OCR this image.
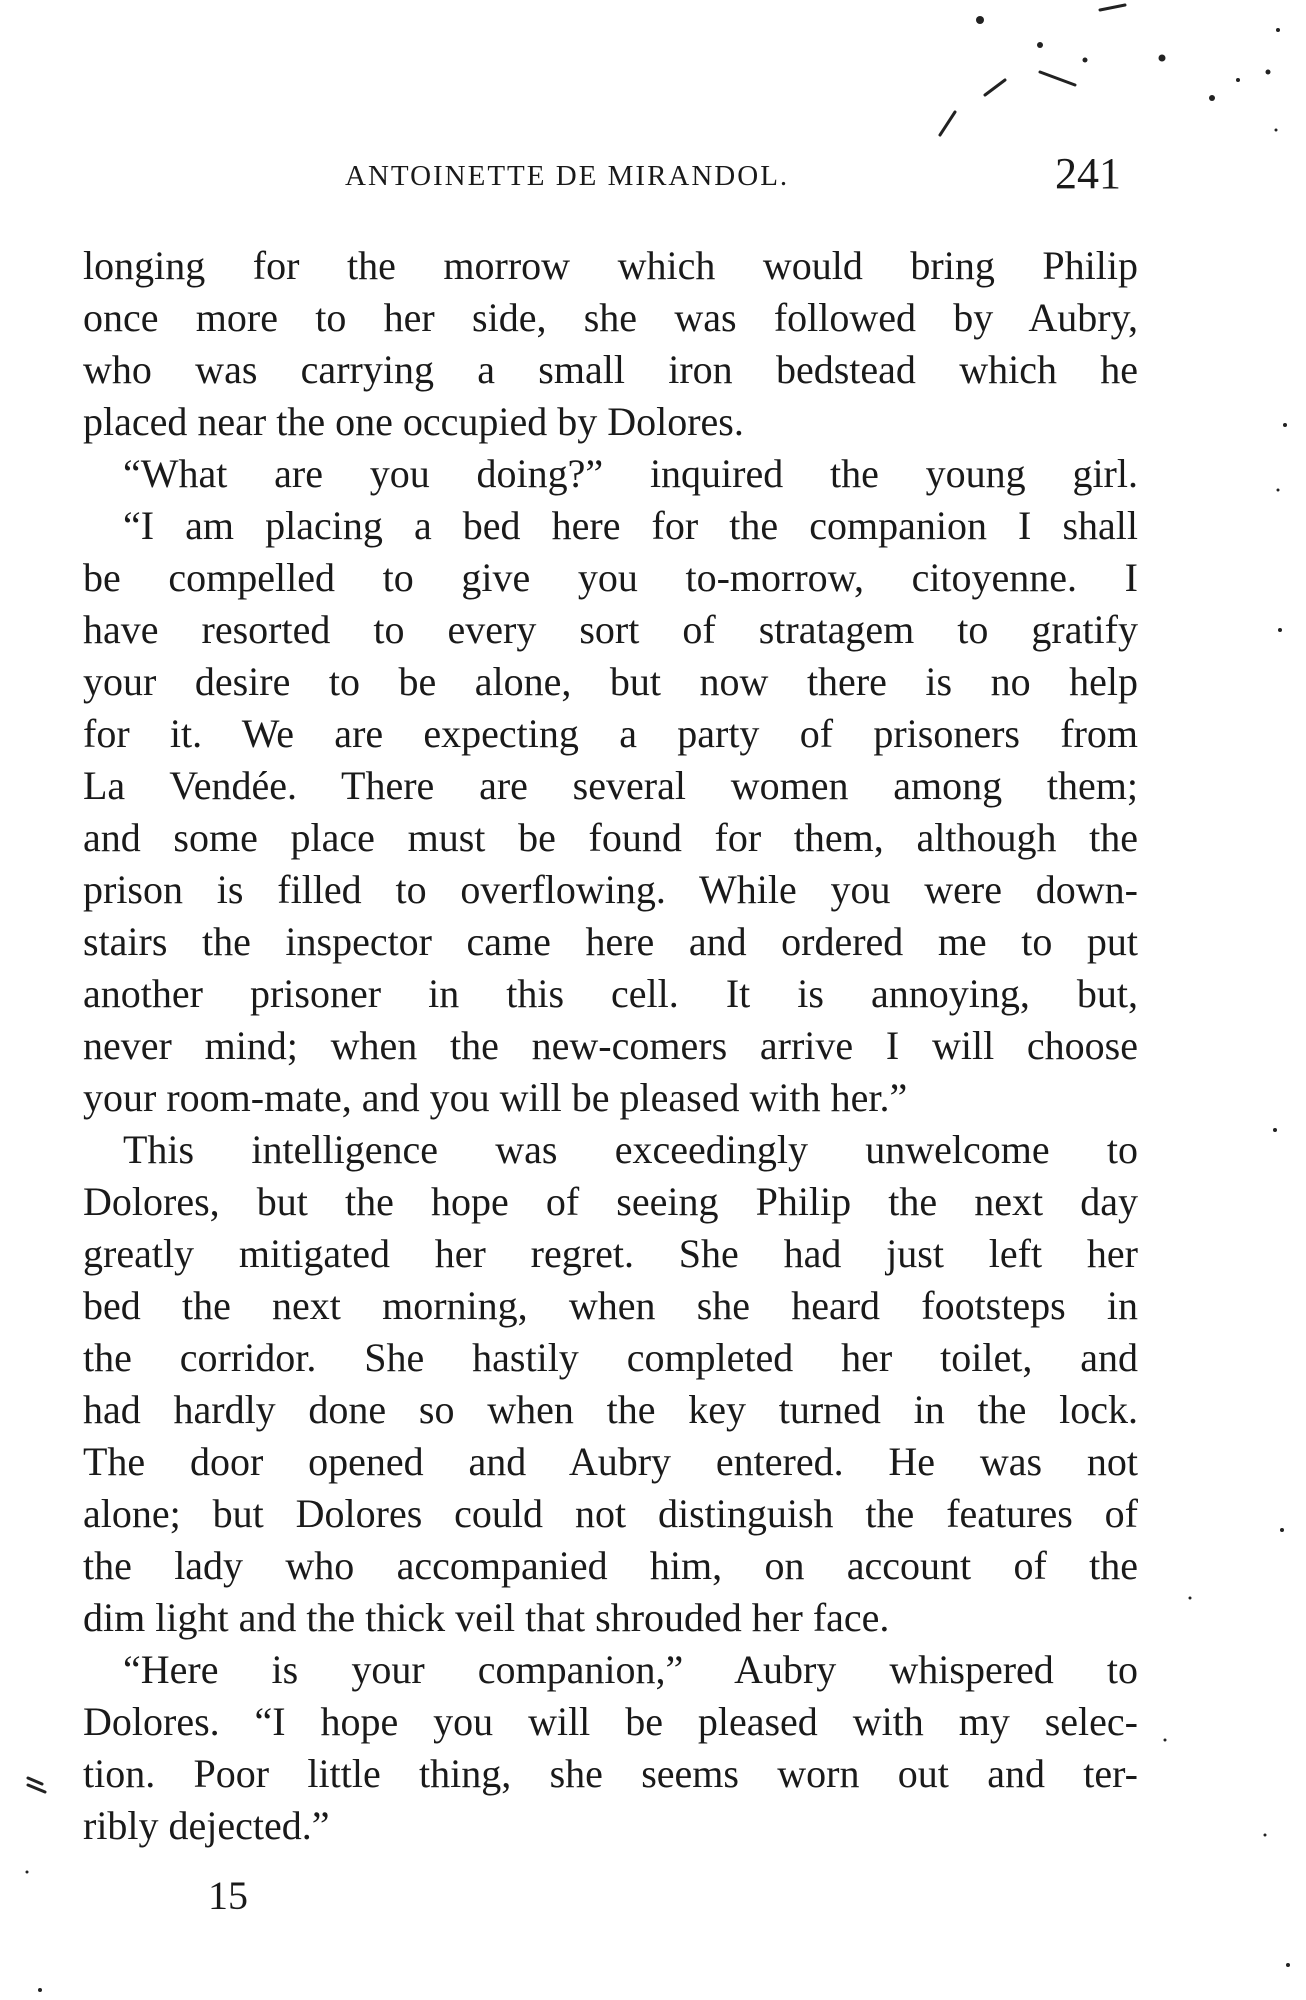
ANTOINETTE DE MIRANDOL.	241
longing for the morrow which would bring Philip
once more to her side, she was followed by Aubry,
who was carrying a small iron bedstead which he
placed near the one occupied by Dolores.
“What are you doing?” inquired the young girl.
“I am placing a bed here for the companion I shall
be compelled to give you to-morrow, citoyenne. I
have resorted to every sort of stratagem to gratify
your desire to be alone, but now there is no help
for it. We are expecting a party of prisoners from
La Vendée. There are several women among them;
and some place must be found for them, although the
prison is filled to overflowing. While you were down-
stairs the inspector came here and ordered me to put
another prisoner in this cell. It is annoying, but,
never mind; when the new-comers arrive I will choose
your room-mate, and you will be pleased with her.”
This intelligence was exceedingly unwelcome to
Dolores, but the hope of seeing Philip the next day
greatly mitigated her regret. She had just left her
bed the next morning, when she heard footsteps in
the corridor. She hastily completed her toilet, and
had hardly done so when the key turned in the lock.
The door opened and Aubry entered. He was not
alone; but Dolores could not distinguish the features of
the lady who accompanied him, on account of the
dim light and the thick veil that shrouded her face.
“Here is your companion,” Aubry whispered to
Dolores. “I hope you will be pleased with my selec-
tion. Poor little thing, she seems worn out and ter-
ribly dejected.”
15
